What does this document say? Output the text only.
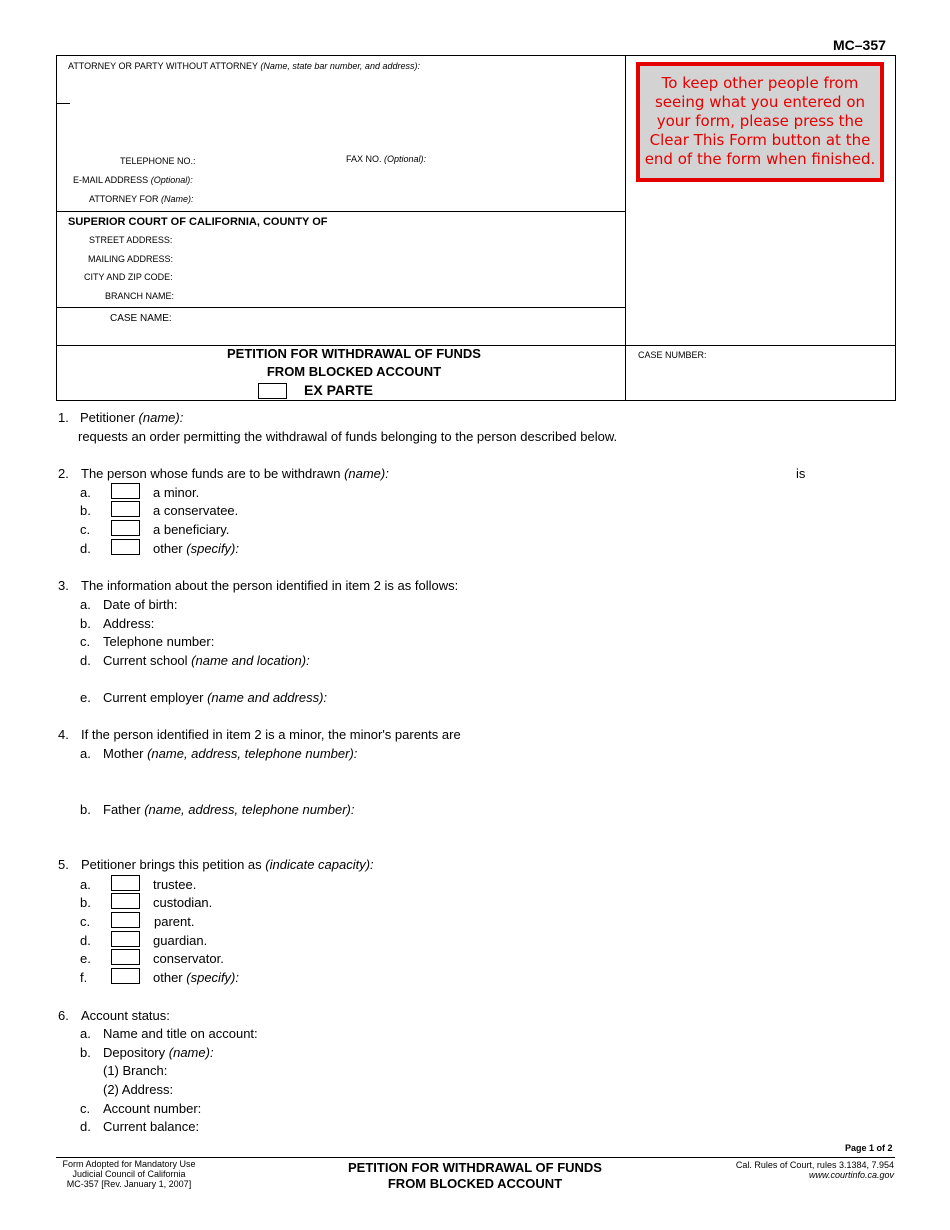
MC–357
ATTORNEY OR PARTY WITHOUT ATTORNEY (Name, state bar number, and address):
TELEPHONE NO.:	FAX NO. (Optional):
E-MAIL ADDRESS (Optional):
ATTORNEY FOR (Name):
SUPERIOR COURT OF CALIFORNIA, COUNTY OF
STREET ADDRESS:
MAILING ADDRESS:
CITY AND ZIP CODE:
BRANCH NAME:
CASE NAME:
PETITION FOR WITHDRAWAL OF FUNDS
FROM BLOCKED ACCOUNT
EX PARTE
CASE NUMBER:
To keep other people from seeing what you entered on your form, please press the Clear This Form button at the end of the form when finished.
1. Petitioner (name):
requests an order permitting the withdrawal of funds belonging to the person described below.
2. The person whose funds are to be withdrawn (name):	is
a.	a minor.
b.	a conservatee.
c.	a beneficiary.
d.	other (specify):
3. The information about the person identified in item 2 is as follows:
a. Date of birth:
b. Address:
c. Telephone number:
d. Current school (name and location):
e. Current employer (name and address):
4. If the person identified in item 2 is a minor, the minor's parents are
a. Mother (name, address, telephone number):
b. Father (name, address, telephone number):
5. Petitioner brings this petition as (indicate capacity):
a.	trustee.
b.	custodian.
c.	parent.
d.	guardian.
e.	conservator.
f.	other (specify):
6. Account status:
a. Name and title on account:
b. Depository (name):
(1) Branch:
(2) Address:
c. Account number:
d. Current balance:
Page 1 of 2
Form Adopted for Mandatory Use
Judicial Council of California
MC-357 [Rev. January 1, 2007]
PETITION FOR WITHDRAWAL OF FUNDS
FROM BLOCKED ACCOUNT
Cal. Rules of Court, rules 3.1384, 7.954
www.courtinfo.ca.gov
